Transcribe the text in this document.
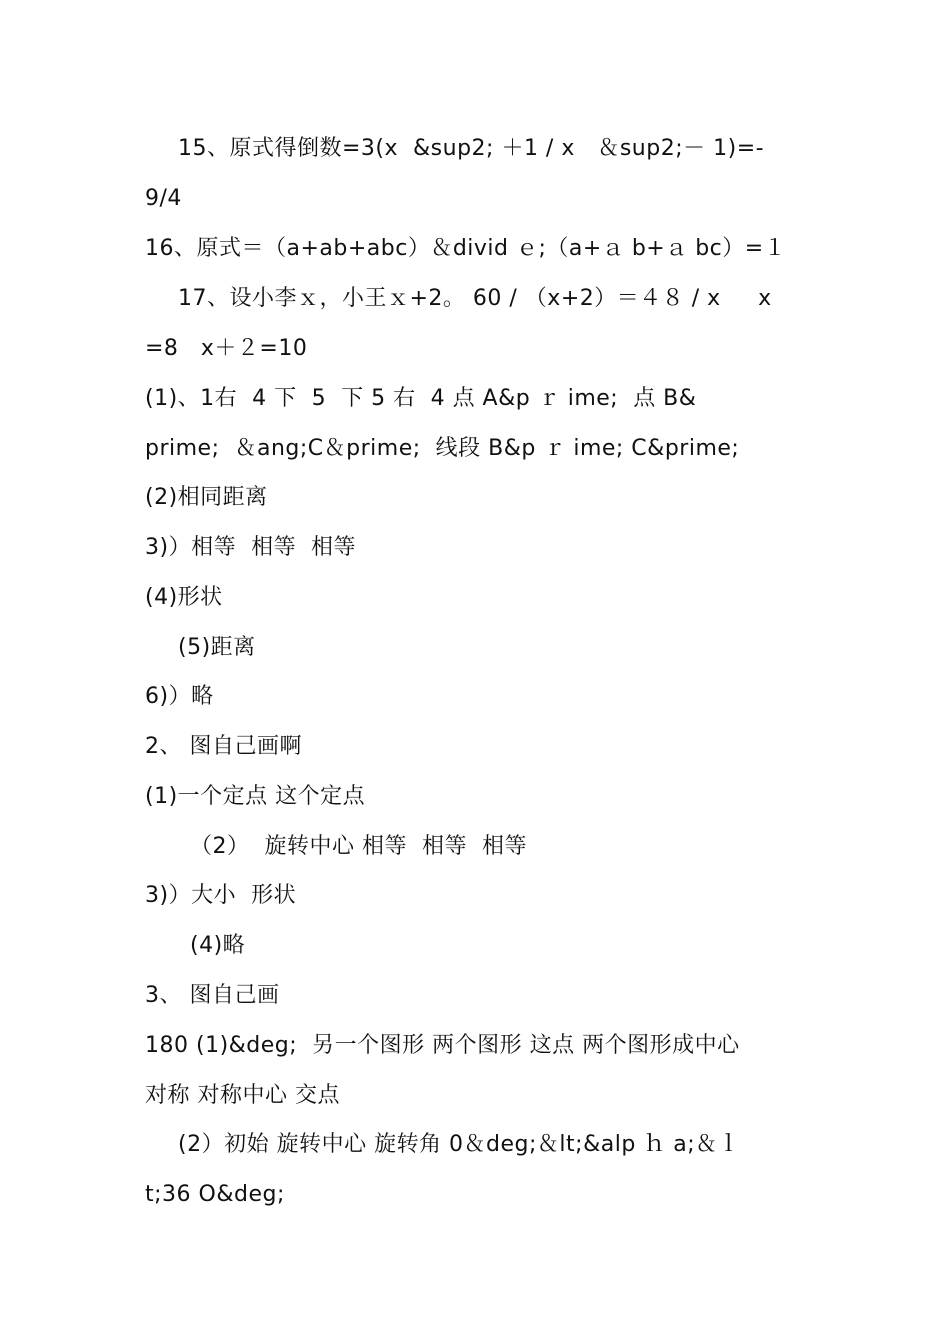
15、原式得倒数=3(x  &sup2; ＋1 / x   ＆sup2;－ 1)=-
9/4
16、原式＝（a+ab+abc）＆divid ｅ;（a+ａ b+ａ bc）=１
17、设小李ｘ，小王ｘ+2。 60 / （x+2）＝４８ / x     x
=8   x＋２=10
(1)、1右  4 下  5  下 5 右  4 点 A&p ｒ ime;  点 B&
prime;  ＆ang;C＆prime;  线段 B&p ｒ ime; C&prime;
(2)相同距离
3)）相等  相等  相等
(4)形状
(5)距离
6)）略
2、 图自己画啊
(1)一个定点 这个定点
（2）  旋转中心 相等  相等  相等
3)）大小  形状
(4)略
3、 图自己画
180 (1)&deg;  另一个图形 两个图形 这点 两个图形成中心
对称 对称中心 交点
(2）初始 旋转中心 旋转角 0＆deg;＆lt;&alp ｈ a;＆ｌ
t;36 O&deg;
